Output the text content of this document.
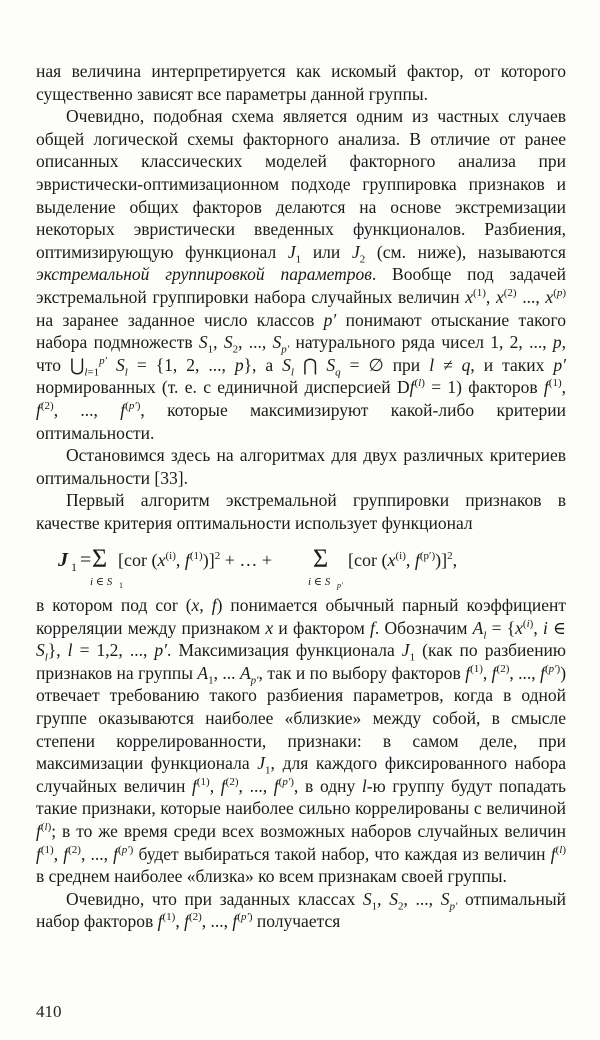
ная величина интерпретируется как искомый фактор, от которого существенно зависят все параметры данной группы.

Очевидно, подобная схема является одним из частных случаев общей логической схемы факторного анализа. В отличие от ранее описанных классических моделей факторного анализа при эвристически-оптимизационном подходе группировка признаков и выделение общих факторов делаются на основе экстремизации некоторых эвристически введенных функционалов. Разбиения, оптимизирующую функционал $J_1$ или $J_2$ (см. ниже), называются экстремальной группировкой параметров. Вообще под задачей экстремальной группировки набора случайных величин $x^{(1)}$, $x^{(2)}$ ..., $x^{(p)}$ на заранее заданное число классов p′ понимают отыскание такого набора подмножеств $S_1$, $S_2$, ..., $S_{p'}$ натурального ряда чисел 1, 2, ..., p, что $⋃_{l=1}^{p'}$ $S_l = \{1$, 2, ..., p}, а $S_l$ ⋂ $S_q$ = ∅ при l ≠ q, и таких p′ нормированных (т. е. с единичной дисперсией $Df^{(l)} = 1$) факторов $f^{(1)}$, $f^{(2)}$, ..., $f^{(p')}$, которые максимизируют какой-либо критерии оптимальности.

Остановимся здесь на алгоритмах для двух различных критериев оптимальности [33].

Первый алгоритм экстремальной группировки признаков в качестве критерия оптимальности использует функционал

J 1 = Σ
i ∈ S 1
[cor ($x^{(i)}$, $f^{(1)})]^2$ + … + Σ
i ∈ S p′
[cor ($x^{(i)}$, $f^{(p')})]^2$,

в котором под cor (x, f) понимается обычный парный коэффициент корреляции между признаком x и фактором f. Обозначим $A_l = \{x^{(i)}$, i ∈ $S_l$}, l = 1,2, ..., p′. Максимизация функционала $J_1$ (как по разбиению признаков на группы $A_1$, ... $A_{p'}$, так и по выбору факторов $f^{(1)}$, $f^{(2)}$, ..., $f^{(p')}$) отвечает требованию такого разбиения параметров, когда в одной группе оказываются наиболее «близкие» между собой, в смысле степени коррелированности, признаки: в самом деле, при максимизации функционала $J_1$, для каждого фиксированного набора случайных величин $f^{(1)}$, $f^{(2)}$, ..., $f^{(p')}$, в одну l-ю группу будут попадать такие признаки, которые наиболее сильно коррелированы с величиной $f^{(l)}$; в то же время среди всех возможных наборов случайных величин $f^{(1)}$, $f^{(2)}$, ..., $f^{(p')}$ будет выбираться такой набор, что каждая из величин $f^{(l)}$ в среднем наиболее «близка» ко всем признакам своей группы.

Очевидно, что при заданных классах $S_1$, $S_2$, ..., $S_{p'}$ отпимальный набор факторов $f^{(1)}$, $f^{(2)}$, ..., $f^{(p')}$ получается

410
